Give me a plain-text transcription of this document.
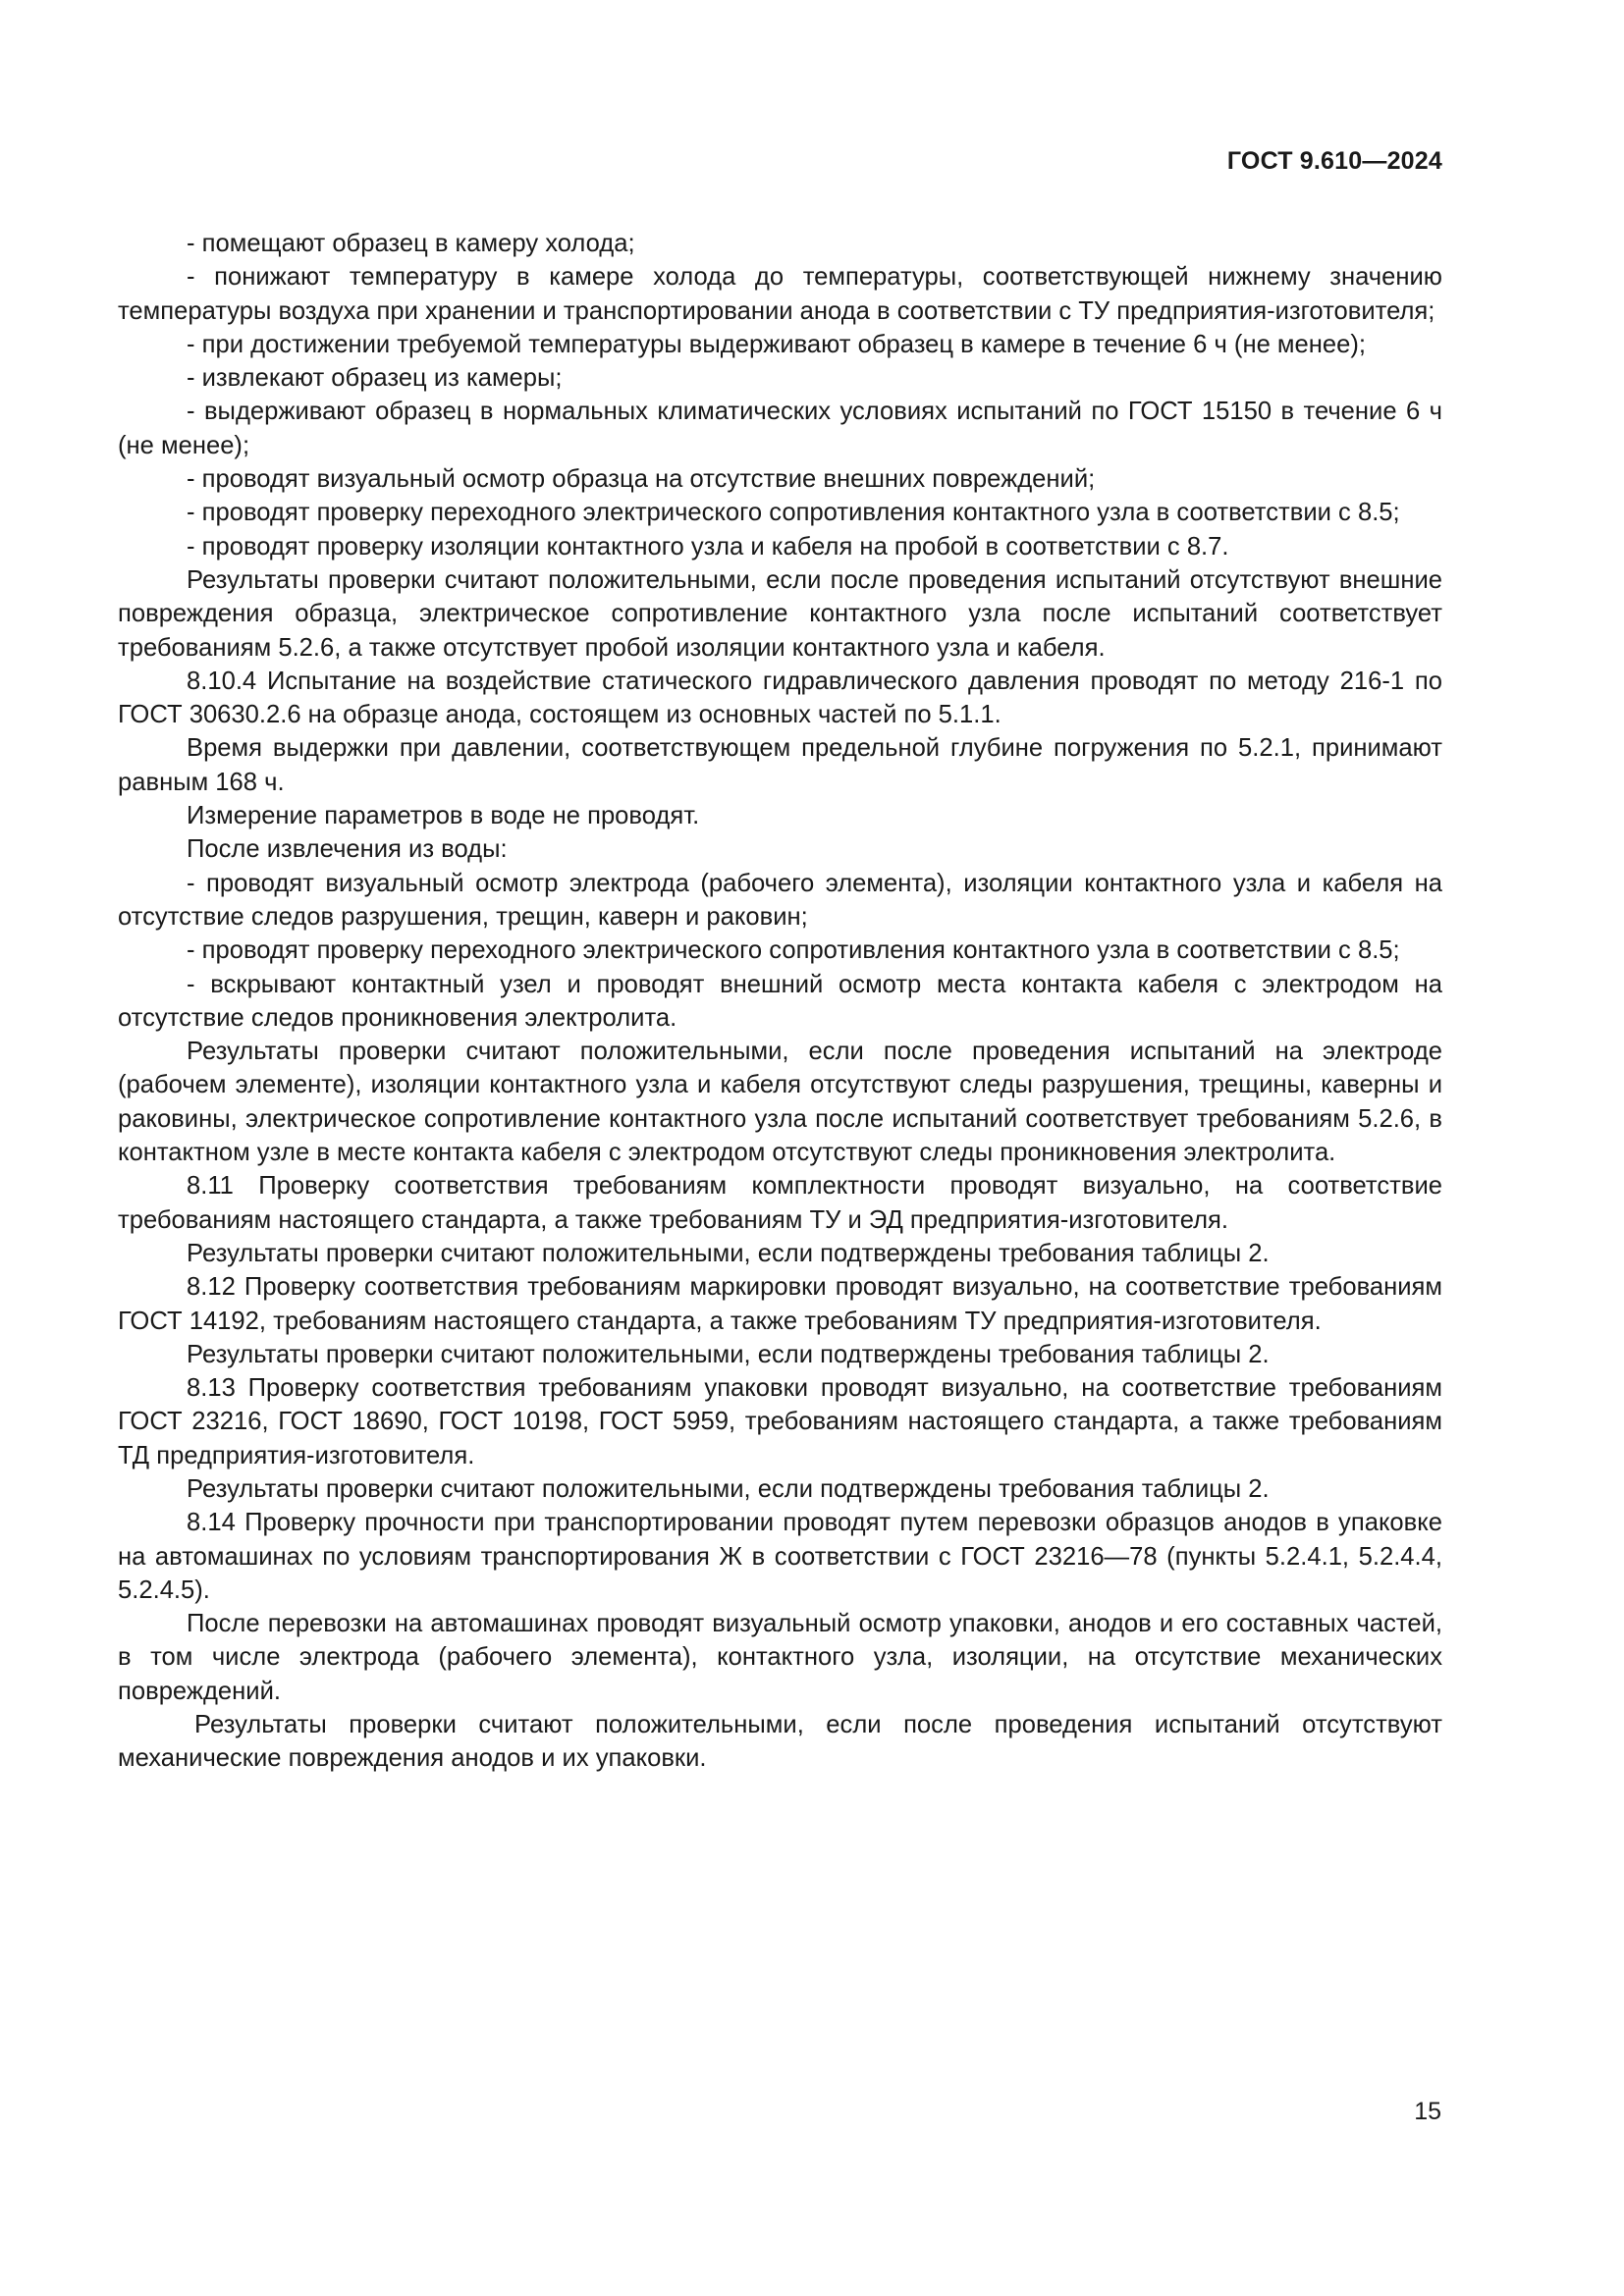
ГОСТ 9.610—2024

- помещают образец в камеру холода;

- понижают температуру в камере холода до температуры, соответствующей нижнему значению температуры воздуха при хранении и транспортировании анода в соответствии с ТУ предприятия-изготовителя;

- при достижении требуемой температуры выдерживают образец в камере в течение 6 ч (не менее);

- извлекают образец из камеры;

- выдерживают образец в нормальных климатических условиях испытаний по ГОСТ 15150 в течение 6 ч (не менее);

- проводят визуальный осмотр образца на отсутствие внешних повреждений;

- проводят проверку переходного электрического сопротивления контактного узла в соответствии с 8.5;

- проводят проверку изоляции контактного узла и кабеля на пробой в соответствии с 8.7.

Результаты проверки считают положительными, если после проведения испытаний отсутствуют внешние повреждения образца, электрическое сопротивление контактного узла после испытаний соответствует требованиям 5.2.6, а также отсутствует пробой изоляции контактного узла и кабеля.

8.10.4 Испытание на воздействие статического гидравлического давления проводят по методу 216-1 по ГОСТ 30630.2.6 на образце анода, состоящем из основных частей по 5.1.1.

Время выдержки при давлении, соответствующем предельной глубине погружения по 5.2.1, принимают равным 168 ч.

Измерение параметров в воде не проводят.

После извлечения из воды:

- проводят визуальный осмотр электрода (рабочего элемента), изоляции контактного узла и кабеля на отсутствие следов разрушения, трещин, каверн и раковин;

- проводят проверку переходного электрического сопротивления контактного узла в соответствии с 8.5;

- вскрывают контактный узел и проводят внешний осмотр места контакта кабеля с электродом на отсутствие следов проникновения электролита.

Результаты проверки считают положительными, если после проведения испытаний на электроде (рабочем элементе), изоляции контактного узла и кабеля отсутствуют следы разрушения, трещины, каверны и раковины, электрическое сопротивление контактного узла после испытаний соответствует требованиям 5.2.6, в контактном узле в месте контакта кабеля с электродом отсутствуют следы проникновения электролита.

8.11 Проверку соответствия требованиям комплектности проводят визуально, на соответствие требованиям настоящего стандарта, а также требованиям ТУ и ЭД предприятия-изготовителя.

Результаты проверки считают положительными, если подтверждены требования таблицы 2.

8.12 Проверку соответствия требованиям маркировки проводят визуально, на соответствие требованиям ГОСТ 14192, требованиям настоящего стандарта, а также требованиям ТУ предприятия-изготовителя.

Результаты проверки считают положительными, если подтверждены требования таблицы 2.

8.13 Проверку соответствия требованиям упаковки проводят визуально, на соответствие требованиям ГОСТ 23216, ГОСТ 18690, ГОСТ 10198, ГОСТ 5959, требованиям настоящего стандарта, а также требованиям ТД предприятия-изготовителя.

Результаты проверки считают положительными, если подтверждены требования таблицы 2.

8.14 Проверку прочности при транспортировании проводят путем перевозки образцов анодов в упаковке на автомашинах по условиям транспортирования Ж в соответствии с ГОСТ 23216—78 (пункты 5.2.4.1, 5.2.4.4, 5.2.4.5).

После перевозки на автомашинах проводят визуальный осмотр упаковки, анодов и его составных частей, в том числе электрода (рабочего элемента), контактного узла, изоляции, на отсутствие механических повреждений.

Результаты проверки считают положительными, если после проведения испытаний отсутствуют механические повреждения анодов и их упаковки.

15
